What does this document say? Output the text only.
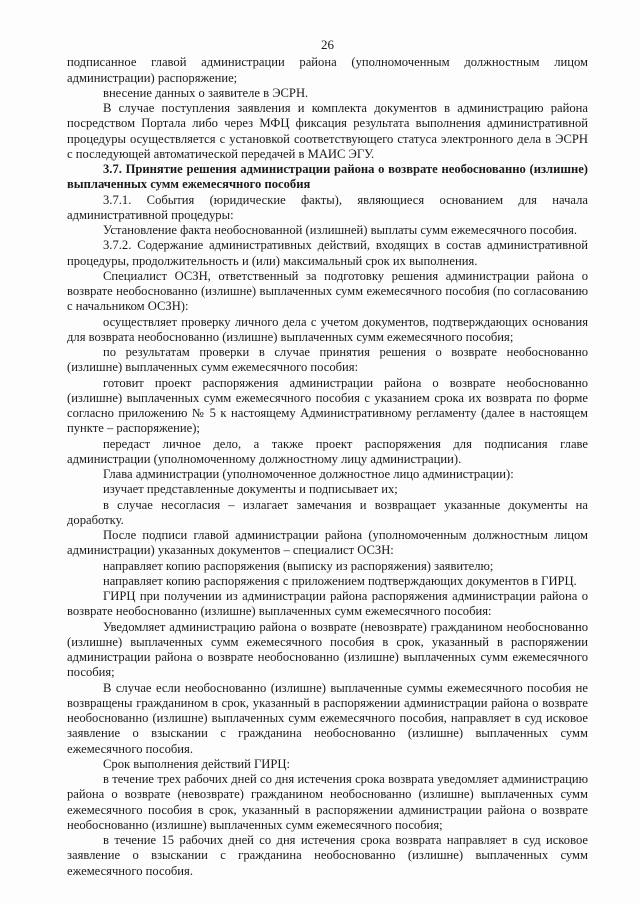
26

подписанное главой администрации района (уполномоченным должностным лицом администрации) распоряжение;

внесение данных о заявителе в ЭСРН.

В случае поступления заявления и комплекта документов в администрацию района посредством Портала либо через МФЦ фиксация результата выполнения административной процедуры осуществляется с установкой соответствующего статуса электронного дела в ЭСРН с последующей автоматической передачей в МАИС ЭГУ.

3.7. Принятие решения администрации района о возврате необоснованно (излишне) выплаченных сумм ежемесячного пособия

3.7.1. События (юридические факты), являющиеся основанием для начала административной процедуры:

Установление факта необоснованной (излишней) выплаты сумм ежемесячного пособия.

3.7.2. Содержание административных действий, входящих в состав административной процедуры, продолжительность и (или) максимальный срок их выполнения.

Специалист ОСЗН, ответственный за подготовку решения администрации района о возврате необоснованно (излишне) выплаченных сумм ежемесячного пособия (по согласованию с начальником ОСЗН):

осуществляет проверку личного дела с учетом документов, подтверждающих основания для возврата необоснованно (излишне) выплаченных сумм ежемесячного пособия;

по результатам проверки в случае принятия решения о возврате необоснованно (излишне) выплаченных сумм ежемесячного пособия:

готовит проект распоряжения администрации района о возврате необоснованно (излишне) выплаченных сумм ежемесячного пособия с указанием срока их возврата по форме согласно приложению № 5 к настоящему Административному регламенту (далее в настоящем пункте – распоряжение);

передаст личное дело, а также проект распоряжения для подписания главе администрации (уполномоченному должностному лицу администрации).

Глава администрации (уполномоченное должностное лицо администрации):

изучает представленные документы и подписывает их;

в случае несогласия – излагает замечания и возвращает указанные документы на доработку.

После подписи главой администрации района (уполномоченным должностным лицом администрации) указанных документов – специалист ОСЗН:

направляет копию распоряжения (выписку из распоряжения) заявителю;

направляет копию распоряжения с приложением подтверждающих документов в ГИРЦ.

ГИРЦ при получении из администрации района распоряжения администрации района о возврате необоснованно (излишне) выплаченных сумм ежемесячного пособия:

Уведомляет администрацию района о возврате (невозврате) гражданином необоснованно (излишне) выплаченных сумм ежемесячного пособия в срок, указанный в распоряжении администрации района о возврате необоснованно (излишне) выплаченных сумм ежемесячного пособия;

В случае если необоснованно (излишне) выплаченные суммы ежемесячного пособия не возвращены гражданином в срок, указанный в распоряжении администрации района о возврате необоснованно (излишне) выплаченных сумм ежемесячного пособия, направляет в суд исковое заявление о взыскании с гражданина необоснованно (излишне) выплаченных сумм ежемесячного пособия.

Срок выполнения действий ГИРЦ:

в течение трех рабочих дней со дня истечения срока возврата уведомляет администрацию района о возврате (невозврате) гражданином необоснованно (излишне) выплаченных сумм ежемесячного пособия в срок, указанный в распоряжении администрации района о возврате необоснованно (излишне) выплаченных сумм ежемесячного пособия;

в течение 15 рабочих дней со дня истечения срока возврата направляет в суд исковое заявление о взыскании с гражданина необоснованно (излишне) выплаченных сумм ежемесячного пособия.
